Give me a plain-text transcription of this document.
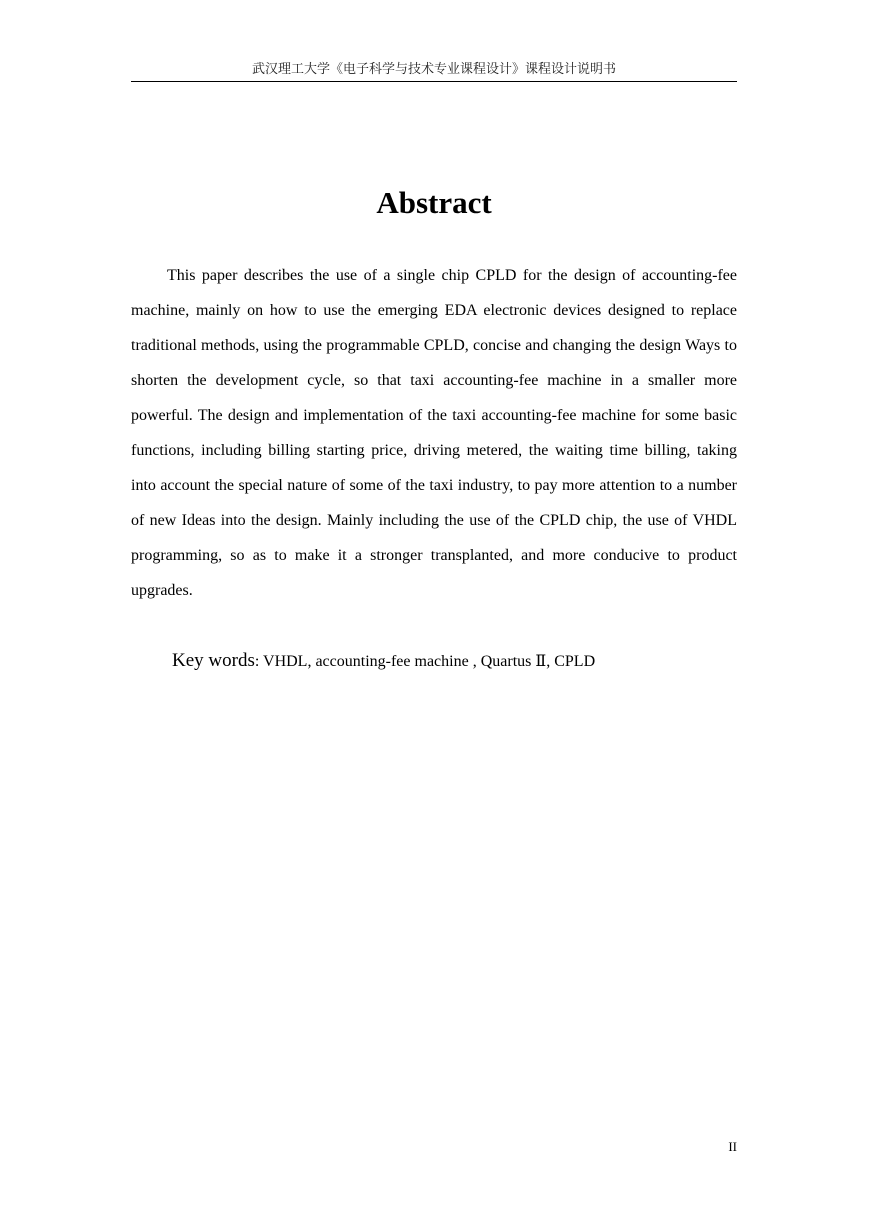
武汉理工大学《电子科学与技术专业课程设计》课程设计说明书
Abstract

This paper describes the use of a single chip CPLD for the design of accounting-fee machine, mainly on how to use the emerging EDA electronic devices designed to replace traditional methods, using the programmable CPLD, concise and changing the design Ways to shorten the development cycle, so that taxi accounting-fee machine in a smaller more powerful. The design and implementation of the taxi accounting-fee machine for some basic functions, including billing starting price, driving metered, the waiting time billing, taking into account the special nature of some of the taxi industry, to pay more attention to a number of new Ideas into the design. Mainly including the use of the CPLD chip, the use of VHDL programming, so as to make it a stronger transplanted, and more conducive to product upgrades.

Key words: VHDL, accounting-fee machine , Quartus Ⅱ, CPLD

II
